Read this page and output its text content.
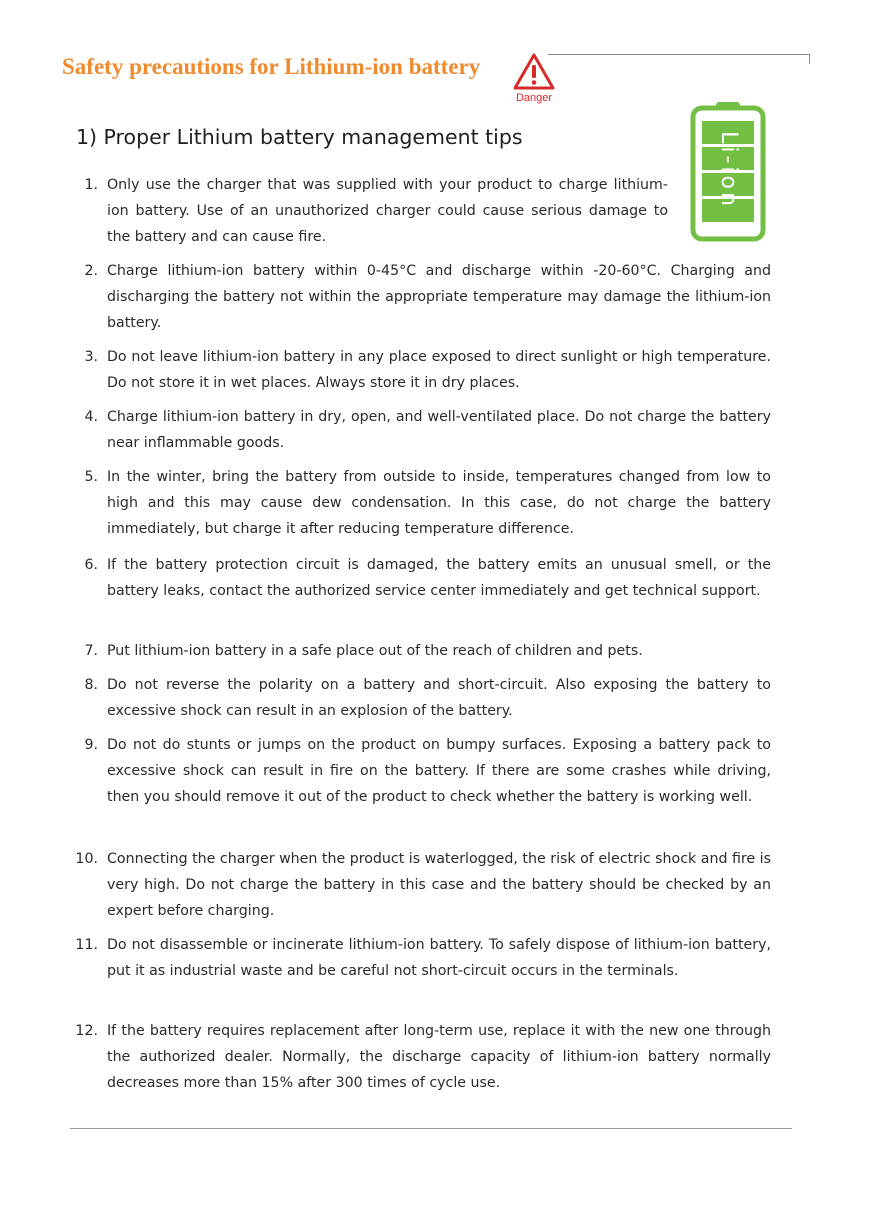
Safety precautions for Lithium-ion battery
Danger
1) Proper Lithium battery management tips	Li-ion
1. Only use the charger that was supplied with your product to charge lithium-ion battery. Use of an unauthorized charger could cause serious damage to the battery and can cause fire.
2. Charge lithium-ion battery within 0-45°C and discharge within -20-60°C. Charging and discharging the battery not within the appropriate temperature may damage the lithium-ion battery.
3. Do not leave lithium-ion battery in any place exposed to direct sunlight or high temperature. Do not store it in wet places. Always store it in dry places.
4. Charge lithium-ion battery in dry, open, and well-ventilated place. Do not charge the battery near inflammable goods.
5. In the winter, bring the battery from outside to inside, temperatures changed from low to high and this may cause dew condensation. In this case, do not charge the battery immediately, but charge it after reducing temperature difference.
6. If the battery protection circuit is damaged, the battery emits an unusual smell, or the battery leaks, contact the authorized service center immediately and get technical support.
7. Put lithium-ion battery in a safe place out of the reach of children and pets.
8. Do not reverse the polarity on a battery and short-circuit. Also exposing the battery to excessive shock can result in an explosion of the battery.
9. Do not do stunts or jumps on the product on bumpy surfaces. Exposing a battery pack to excessive shock can result in fire on the battery. If there are some crashes while driving, then you should remove it out of the product to check whether the battery is working well.
10. Connecting the charger when the product is waterlogged, the risk of electric shock and fire is very high. Do not charge the battery in this case and the battery should be checked by an expert before charging.
11. Do not disassemble or incinerate lithium-ion battery. To safely dispose of lithium-ion battery, put it as industrial waste and be careful not short-circuit occurs in the terminals.
12. If the battery requires replacement after long-term use, replace it with the new one through the authorized dealer. Normally, the discharge capacity of lithium-ion battery normally decreases more than 15% after 300 times of cycle use.
